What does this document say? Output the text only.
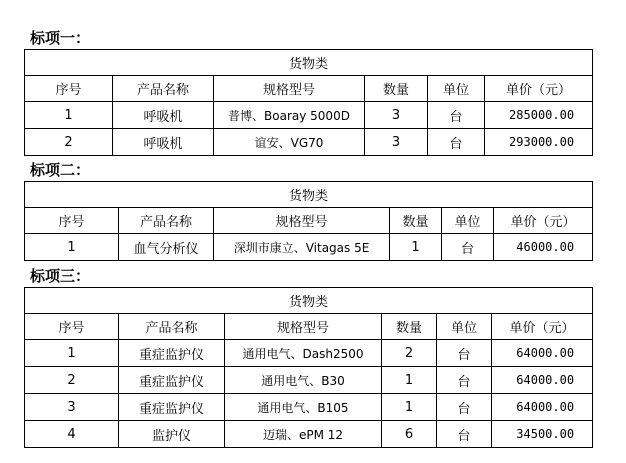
标项一：
货物类					
序号	产品名称	规格型号	数量	单位	单价（元）
1	呼吸机	普博、Boaray 5000D	3	台	285000.00
2	呼吸机	谊安、VG70	3	台	293000.00
标项二：
货物类					
序号	产品名称	规格型号	数量	单位	单价（元）
1	血气分析仪	深圳市康立、Vitagas 5E	1	台	46000.00
标项三：
货物类					
序号	产品名称	规格型号	数量	单位	单价（元）
1	重症监护仪	通用电气、Dash2500	2	台	64000.00
2	重症监护仪	通用电气、B30	1	台	64000.00
3	重症监护仪	通用电气、B105	1	台	64000.00
4	监护仪	迈瑞、ePM 12	6	台	34500.00
